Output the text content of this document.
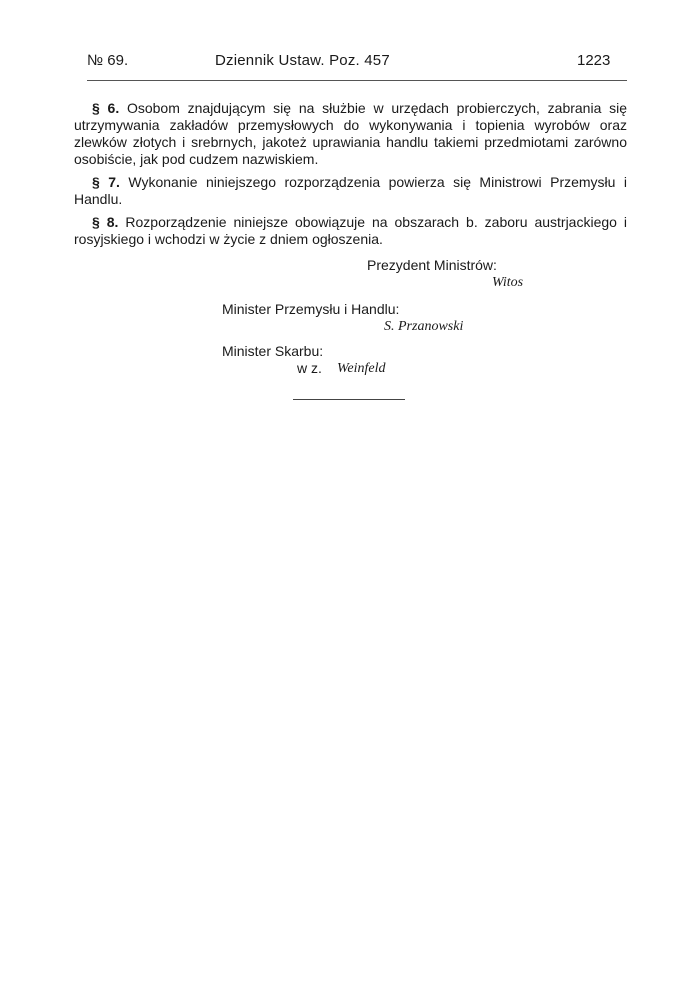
№ 69.	Dziennik Ustaw. Poz. 457	1223

§ 6. Osobom znajdującym się na służbie w urzędach probierczych, zabrania się utrzymywania zakładów przemysłowych do wykonywania i topienia wyrobów oraz zlewków złotych i srebrnych, jakoteż uprawiania handlu takiemi przedmiotami zarówno osobiście, jak pod cudzem nazwiskiem.

§ 7. Wykonanie niniejszego rozporządzenia powierza się Ministrowi Przemysłu i Handlu.

§ 8. Rozporządzenie niniejsze obowiązuje na obszarach b. zaboru austrjackiego i rosyjskiego i wchodzi w życie z dniem ogłoszenia.

Prezydent Ministrów:
Witos
Minister Przemysłu i Handlu:
S. Przanowski
Minister Skarbu:
w z. Weinfeld
